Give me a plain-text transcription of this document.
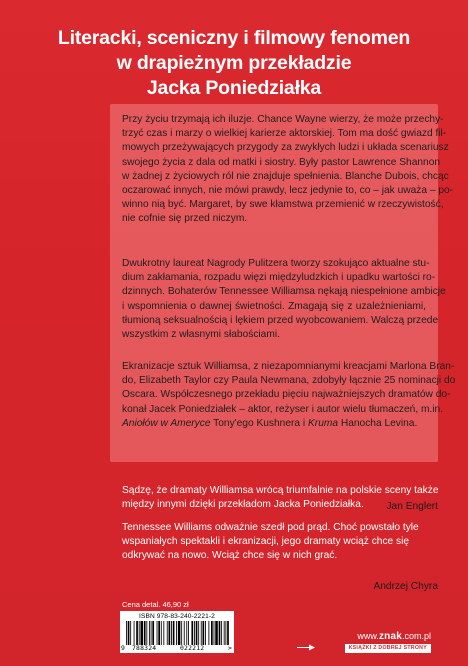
Literacki, sceniczny i filmowy fenomen
w drapieżnym przekładzie
Jacka Poniedziałka
Przy życiu trzymają ich iluzje. Chance Wayne wierzy, że może przechy-
trzyć czas i marzy o wielkiej karierze aktorskiej. Tom ma dość gwiazd fil-
mowych przeżywających przygody za zwykłych ludzi i układa scenariusz
swojego życia z dala od matki i siostry. Były pastor Lawrence Shannon
w żadnej z życiowych ról nie znajduje spełnienia. Blanche Dubois, chcąc
oczarować innych, nie mówi prawdy, lecz jedynie to, co – jak uważa – po-
winno nią być. Margaret, by swe kłamstwa przemienić w rzeczywistość,
nie cofnie się przed niczym.
Dwukrotny laureat Nagrody Pulitzera tworzy szokująco aktualne stu-
dium zakłamania, rozpadu więzi międzyludzkich i upadku wartości ro-
dzinnych. Bohaterów Tennessee Williamsa nękają niespełnione ambicje
i wspomnienia o dawnej świetności. Zmagają się z uzależnieniami,
tłumioną seksualnością i lękiem przed wyobcowaniem. Walczą przede
wszystkim z własnymi słabościami.
Ekranizacje sztuk Williamsa, z niezapomnianymi kreacjami Marlona Bran-
do, Elizabeth Taylor czy Paula Newmana, zdobyły łącznie 25 nominacji do
Oscara. Współczesnego przekładu pięciu najważniejszych dramatów do-
konał Jacek Poniedziałek – aktor, reżyser i autor wielu tłumaczeń, m.in.
Aniołów w Ameryce Tony'ego Kushnera i Kruma Hanocha Levina.
Sądzę, że dramaty Williamsa wrócą triumfalnie na polskie sceny także
między innymi dzięki przekładom Jacka Poniedziałka.	Jan Englert
Tennessee Williams odważnie szedł pod prąd. Choć powstało tyle
wspaniałych spektakli i ekranizacji, jego dramaty wciąż chce się
odkrywać na nowo. Wciąż chce się w nich grać.
Andrzej Chyra
Cena detal. 46,90 zł
ISBN 978-83-240-2221-2
9 788324	022212	>
www.znak.com.pl
KSIĄŻKI Z DOBREJ STRONY
